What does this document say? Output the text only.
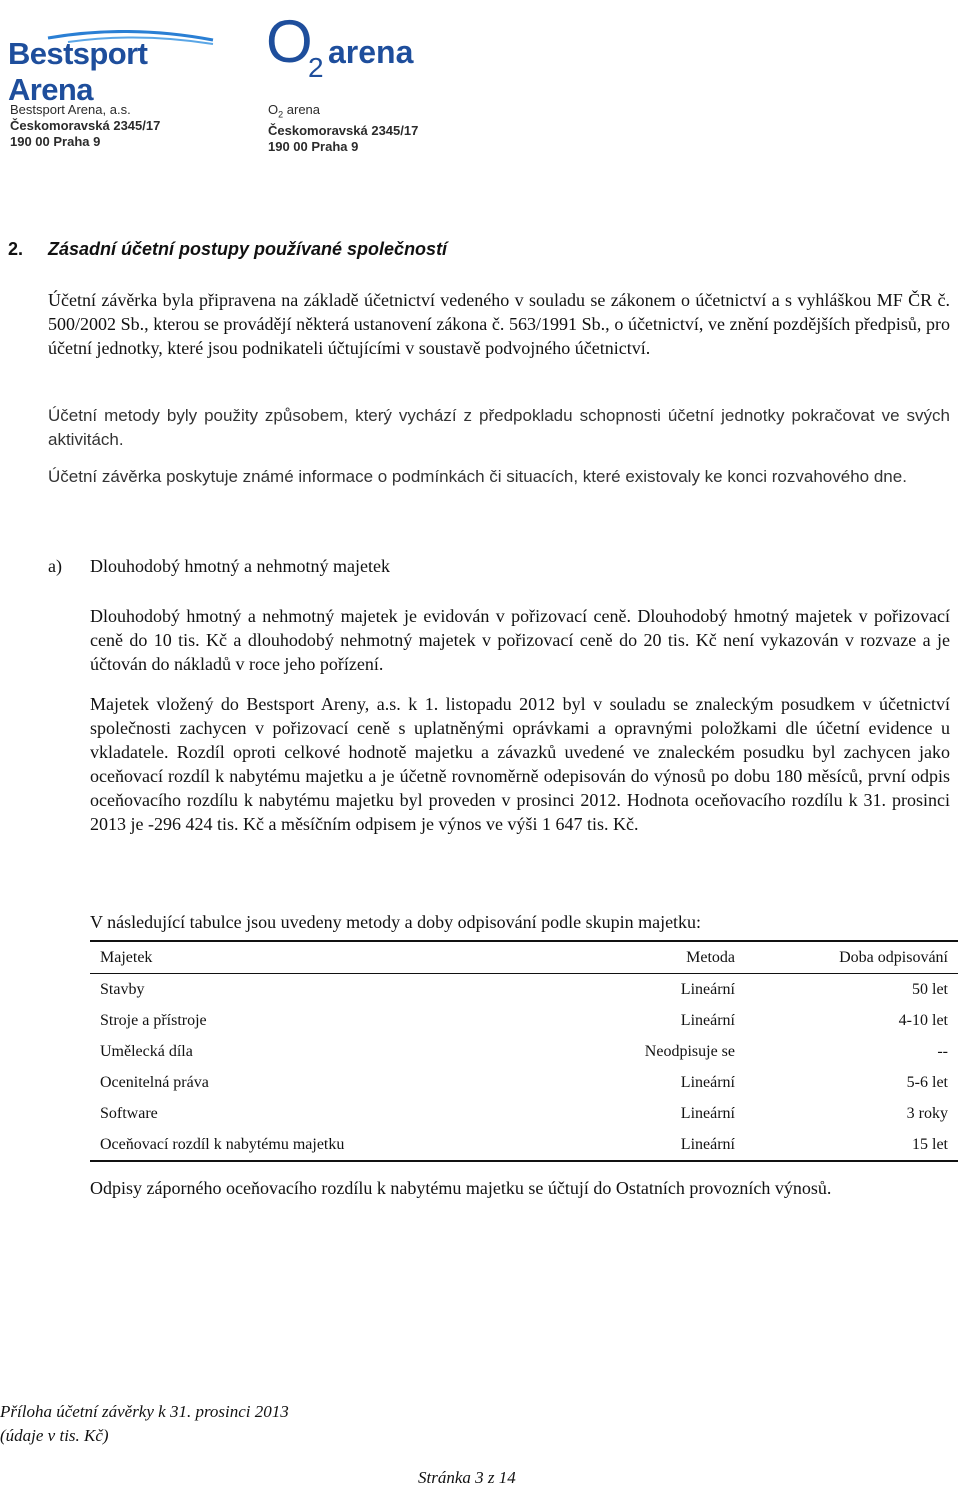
Bestsport Arena
O
2 arena
Bestsport Arena, a.s.
Českomoravská 2345/17
190 00 Praha 9
$O_2$ arena
Českomoravská 2345/17
190 00 Praha 9
2. Zásadní účetní postupy používané společností

Účetní závěrka byla připravena na základě účetnictví vedeného v souladu se zákonem o účetnictví a s vyhláškou MF ČR č. 500/2002 Sb., kterou se provádějí některá ustanovení zákona č. 563/1991 Sb., o účetnictví, ve znění pozdějších předpisů, pro účetní jednotky, které jsou podnikateli účtujícími v soustavě podvojného účetnictví.

Účetní metody byly použity způsobem, který vychází z předpokladu schopnosti účetní jednotky pokračovat ve svých aktivitách.

Účetní závěrka poskytuje známé informace o podmínkách či situacích, které existovaly ke konci rozvahového dne.

a) Dlouhodobý hmotný a nehmotný majetek

Dlouhodobý hmotný a nehmotný majetek je evidován v pořizovací ceně. Dlouhodobý hmotný majetek v pořizovací ceně do 10 tis. Kč a dlouhodobý nehmotný majetek v pořizovací ceně do 20 tis. Kč není vykazován v rozvaze a je účtován do nákladů v roce jeho pořízení.

Majetek vložený do Bestsport Areny, a.s. k 1. listopadu 2012 byl v souladu se znaleckým posudkem v účetnictví společnosti zachycen v pořizovací ceně s uplatněnými oprávkami a opravnými položkami dle účetní evidence u vkladatele. Rozdíl oproti celkové hodnotě majetku a závazků uvedené ve znaleckém posudku byl zachycen jako oceňovací rozdíl k nabytému majetku a je účetně rovnoměrně odepisován do výnosů po dobu 180 měsíců, první odpis oceňovacího rozdílu k nabytému majetku byl proveden v prosinci 2012. Hodnota oceňovacího rozdílu k 31. prosinci 2013 je -296 424 tis. Kč a měsíčním odpisem je výnos ve výši 1 647 tis. Kč.

V následující tabulce jsou uvedeny metody a doby odpisování podle skupin majetku:

Majetek	Metoda	Doba odpisování
Stavby	Lineární	50 let
Stroje a přístroje	Lineární	4-10 let
Umělecká díla	Neodpisuje se	--
Ocenitelná práva	Lineární	5-6 let
Software	Lineární	3 roky
Oceňovací rozdíl k nabytému majetku	Lineární	15 let

Odpisy záporného oceňovacího rozdílu k nabytému majetku se účtují do Ostatních provozních výnosů.

Příloha účetní závěrky k 31. prosinci 2013
(údaje v tis. Kč)
Stránka 3 z 14
